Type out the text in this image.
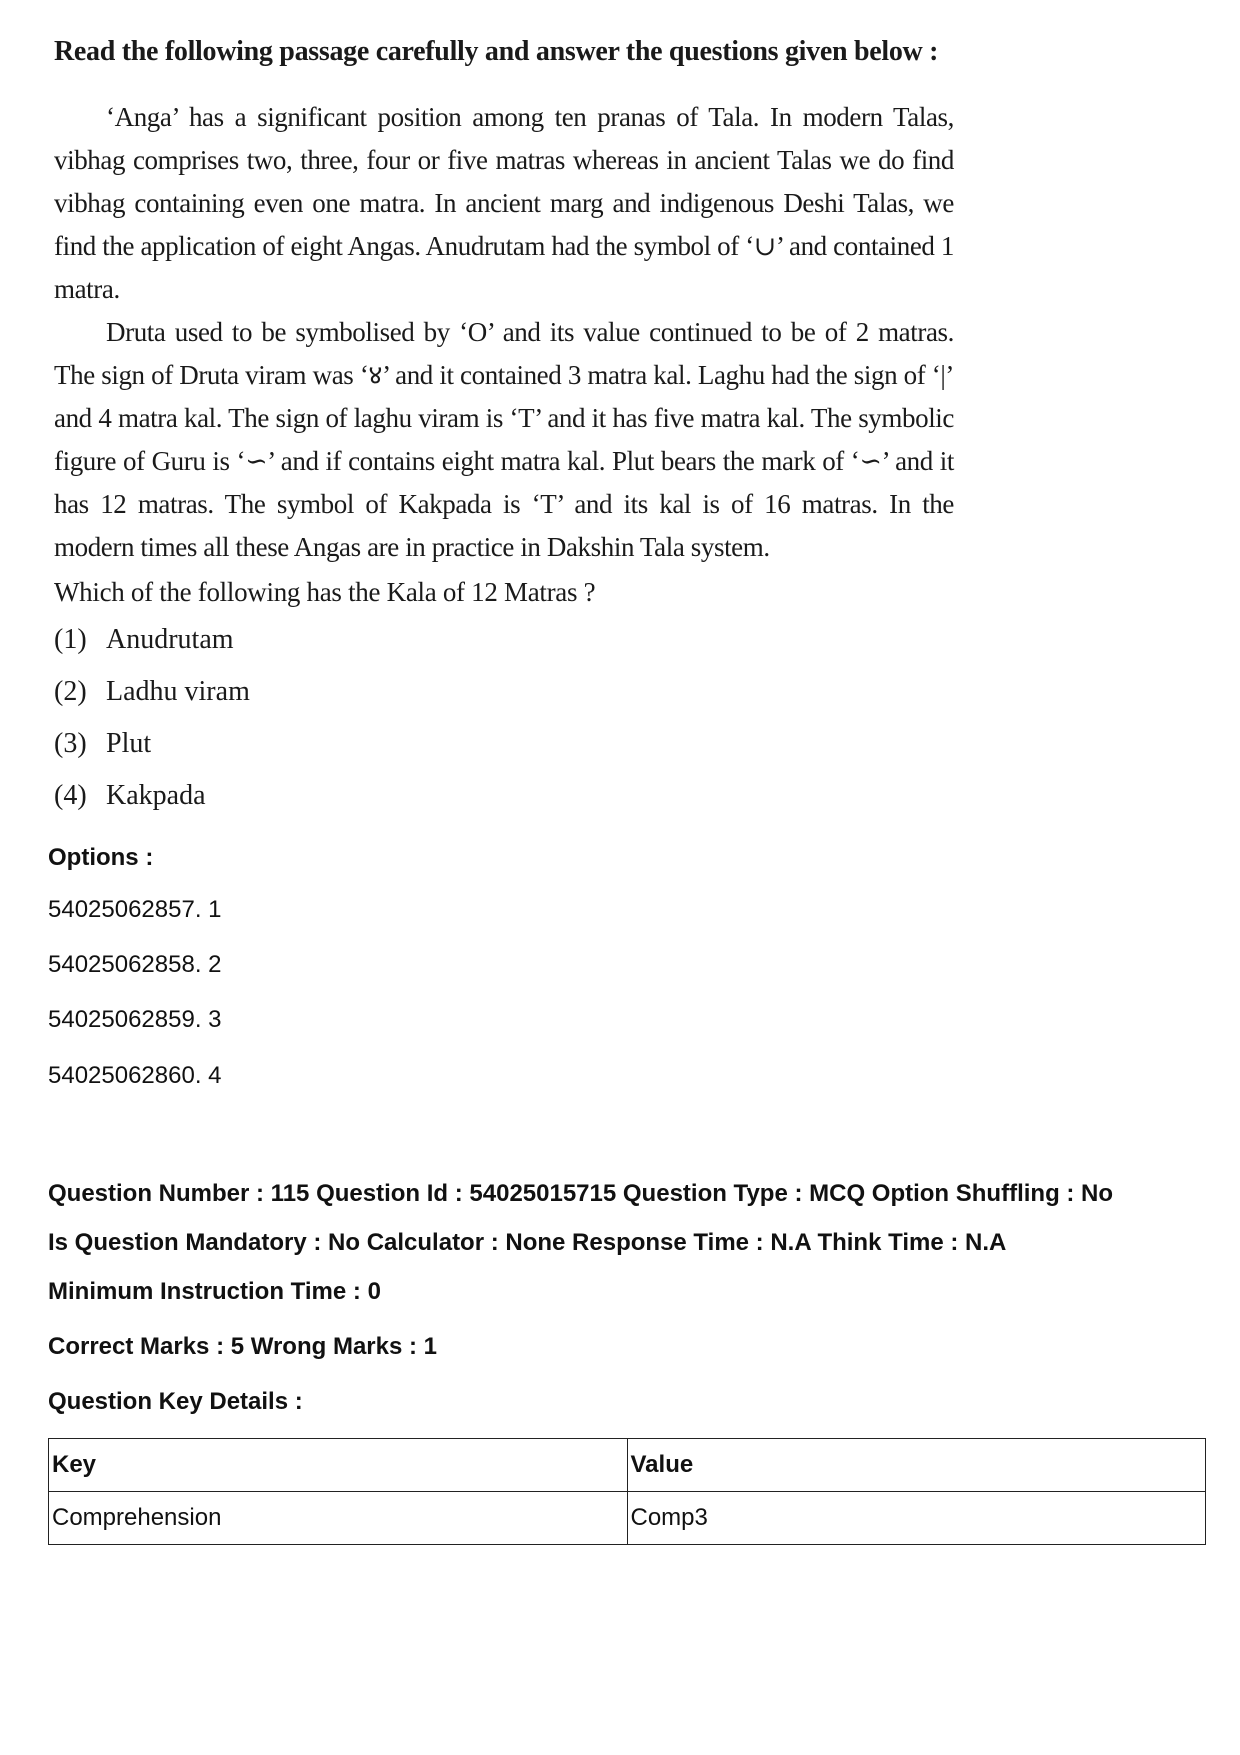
Read the following passage carefully and answer the questions given below :

‘Anga’ has a significant position among ten pranas of Tala. In modern Talas, vibhag comprises two, three, four or five matras whereas in ancient Talas we do find vibhag containing even one matra. In ancient marg and indigenous Deshi Talas, we find the application of eight Angas. Anudrutam had the symbol of ‘∪’ and contained 1 matra.

Druta used to be symbolised by ‘O’ and its value continued to be of 2 matras. The sign of Druta viram was ‘४’ and it contained 3 matra kal. Laghu had the sign of ‘|’ and 4 matra kal. The sign of laghu viram is ‘T’ and it has five matra kal. The symbolic figure of Guru is ‘∽’ and if contains eight matra kal. Plut bears the mark of ‘∽’ and it has 12 matras. The symbol of Kakpada is ‘T’ and its kal is of 16 matras. In the modern times all these Angas are in practice in Dakshin Tala system.

Which of the following has the Kala of 12 Matras ?
(1) Anudrutam
(2) Ladhu viram
(3) Plut
(4) Kakpada
Options :
54025062857. 1
54025062858. 2
54025062859. 3
54025062860. 4
Question Number : 115 Question Id : 54025015715 Question Type : MCQ Option Shuffling : No
Is Question Mandatory : No Calculator : None Response Time : N.A Think Time : N.A
Minimum Instruction Time : 0
Correct Marks : 5 Wrong Marks : 1
Question Key Details :
Key	Value
Comprehension	Comp3
